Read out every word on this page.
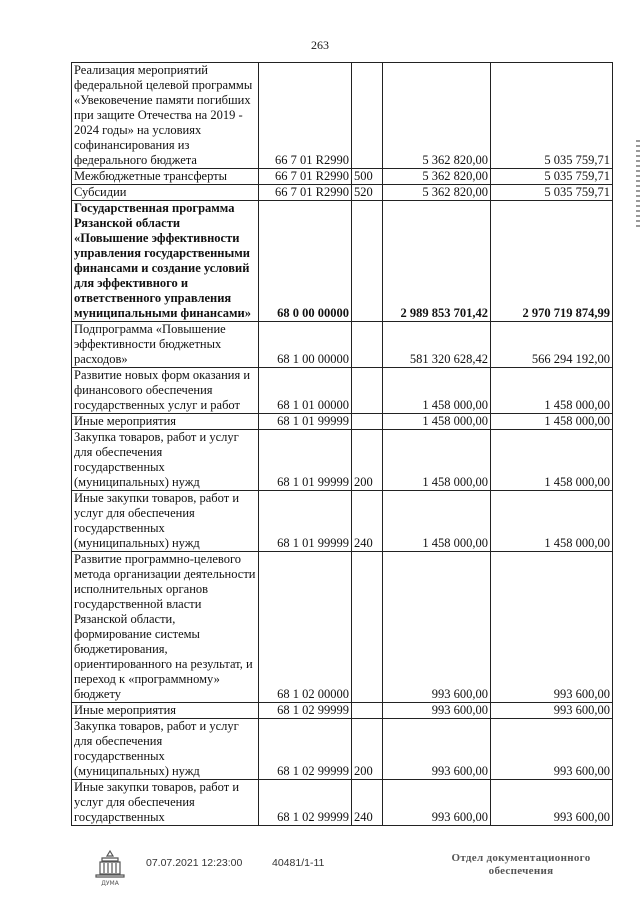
263
Реализация мероприятий федеральной целевой программы «Увековечение памяти погибших при защите Отечества на 2019 - 2024 годы» на условиях софинансирования из федерального бюджета	66 7 01 R2990		5 362 820,00	5 035 759,71
Межбюджетные трансферты	66 7 01 R2990	500	5 362 820,00	5 035 759,71
Субсидии	66 7 01 R2990	520	5 362 820,00	5 035 759,71
Государственная программа Рязанской области «Повышение эффективности управления государственными финансами и создание условий для эффективного и ответственного управления муниципальными финансами»	68 0 00 00000		2 989 853 701,42	2 970 719 874,99
Подпрограмма «Повышение эффективности бюджетных расходов»	68 1 00 00000		581 320 628,42	566 294 192,00
Развитие новых форм оказания и финансового обеспечения государственных услуг и работ	68 1 01 00000		1 458 000,00	1 458 000,00
Иные мероприятия	68 1 01 99999		1 458 000,00	1 458 000,00
Закупка товаров, работ и услуг для обеспечения государственных (муниципальных) нужд	68 1 01 99999	200	1 458 000,00	1 458 000,00
Иные закупки товаров, работ и услуг для обеспечения государственных (муниципальных) нужд	68 1 01 99999	240	1 458 000,00	1 458 000,00
Развитие программно-целевого метода организации деятельности исполнительных органов государственной власти Рязанской области, формирование системы бюджетирования, ориентированного на результат, и переход к «программному» бюджету	68 1 02 00000		993 600,00	993 600,00
Иные мероприятия	68 1 02 99999		993 600,00	993 600,00
Закупка товаров, работ и услуг для обеспечения государственных (муниципальных) нужд	68 1 02 99999	200	993 600,00	993 600,00
Иные закупки товаров, работ и услуг для обеспечения государственных	68 1 02 99999	240	993 600,00	993 600,00
ДУМА
07.07.2021 12:23:00	40481/1-11	Отдел документационного
обеспечения
